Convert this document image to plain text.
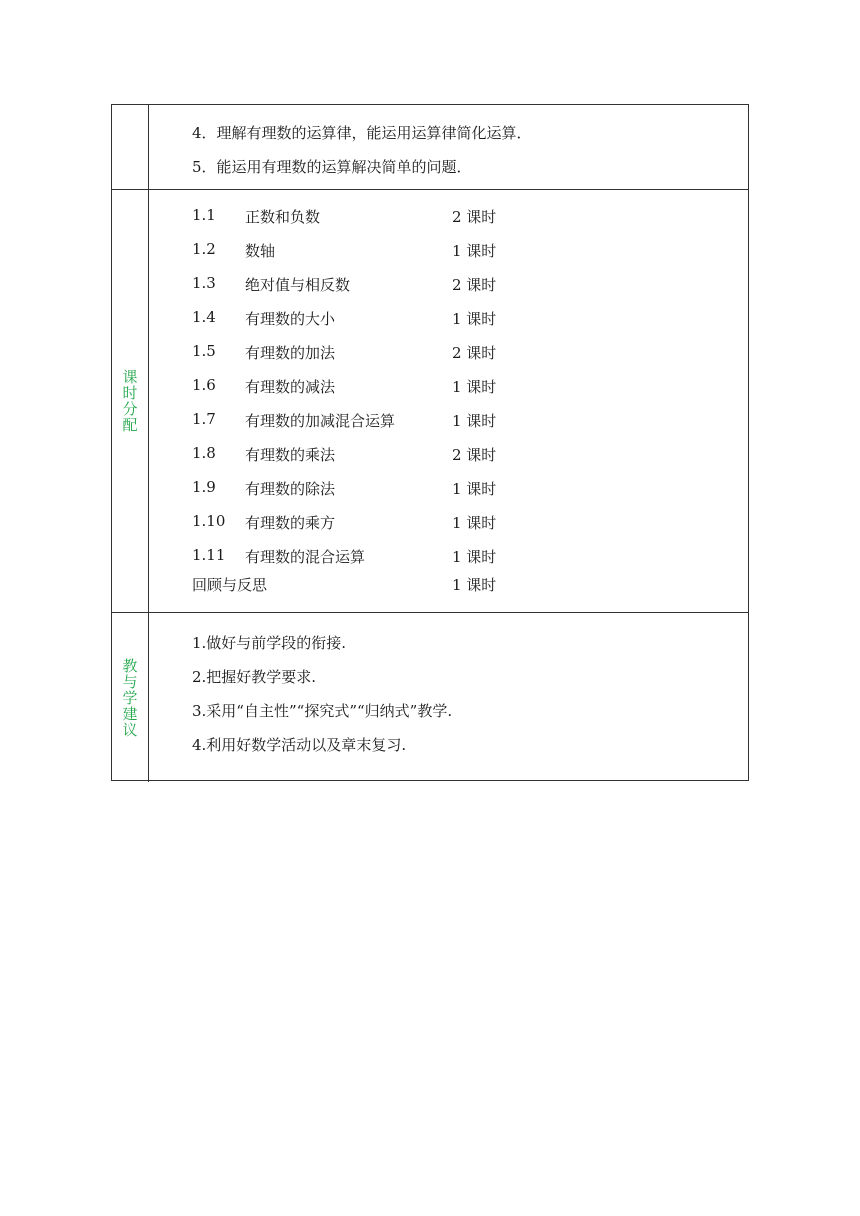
4．理解有理数的运算律，能运用运算律简化运算．
5．能运用有理数的运算解决简单的问题．
课时分配
1.1 正数和负数	2 课时
1.2 数轴	1 课时
1.3 绝对值与相反数	2 课时
1.4 有理数的大小	1 课时
1.5 有理数的加法	2 课时
1.6 有理数的减法	1 课时
1.7 有理数的加减混合运算	1 课时
1.8 有理数的乘法	2 课时
1.9 有理数的除法	1 课时
1.10 有理数的乘方	1 课时
1.11 有理数的混合运算	1 课时
回顾与反思	1 课时
教与学建议
1.做好与前学段的衔接.
2.把握好教学要求.
3.采用“自主性”“探究式”“归纳式”教学.
4.利用好数学活动以及章末复习.
